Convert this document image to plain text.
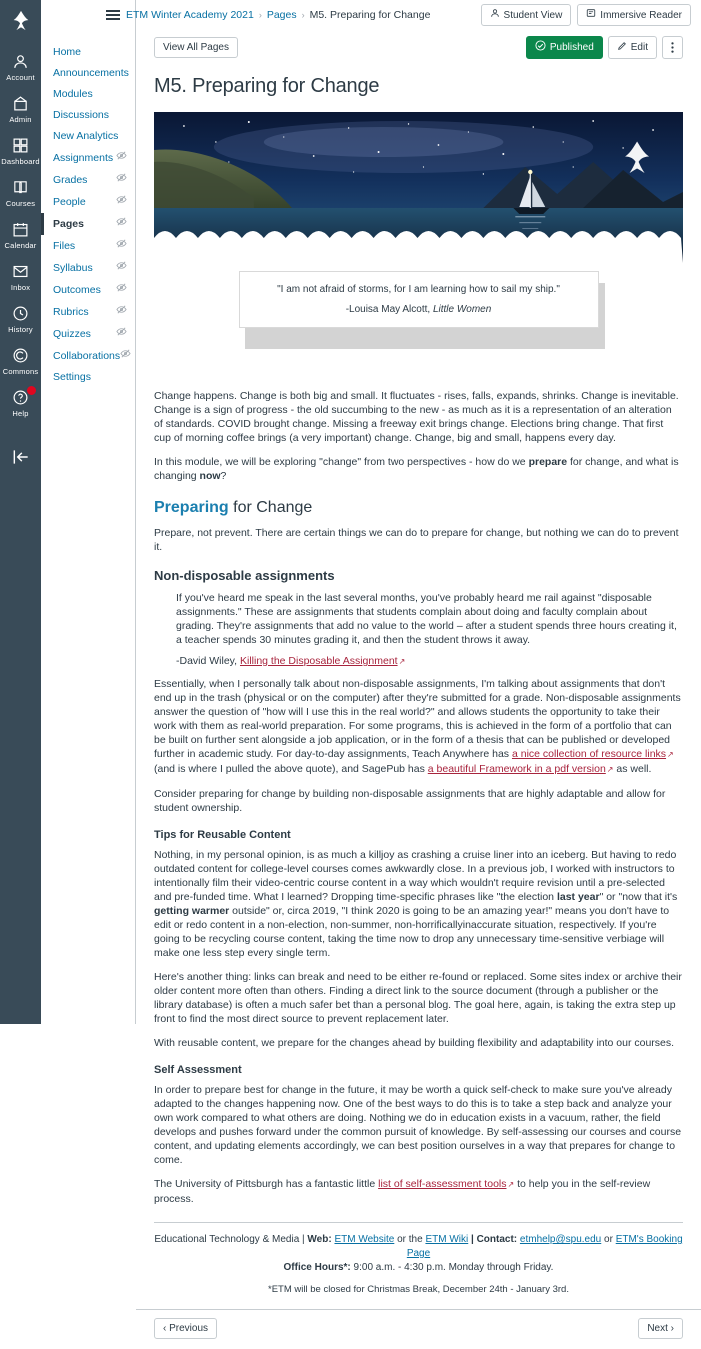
Account
Admin
Dashboard
Courses
Calendar
Inbox
History
Commons
Help
Home
Announcements
Modules
Discussions
New Analytics
Assignments
Grades
People
Pages
Files
Syllabus
Outcomes
Rubrics
Quizzes
Collaborations
Settings
ETM Winter Academy 2021 › Pages › M5. Preparing for Change	Student View	Immersive Reader
View All Pages	Published	Edit
M5. Preparing for Change
"I am not afraid of storms, for I am learning how to sail my ship."
-Louisa May Alcott, Little Women

Change happens. Change is both big and small. It fluctuates - rises, falls, expands, shrinks. Change is inevitable. Change is a sign of progress - the old succumbing to the new - as much as it is a representation of an alteration of standards. COVID brought change. Missing a freeway exit brings change. Elections bring change. That first cup of morning coffee brings (a very important) change. Change, big and small, happens every day.

In this module, we will be exploring "change" from two perspectives - how do we prepare for change, and what is changing now?

Preparing for Change

Prepare, not prevent. There are certain things we can do to prepare for change, but nothing we can do to prevent it.

Non-disposable assignments
If you've heard me speak in the last several months, you've probably heard me rail against "disposable assignments." These are assignments that students complain about doing and faculty complain about grading. They're assignments that add no value to the world – after a student spends three hours creating it, a teacher spends 30 minutes grading it, and then the student throws it away.
-David Wiley, Killing the Disposable Assignment ↗

Essentially, when I personally talk about non-disposable assignments, I'm talking about assignments that don't end up in the trash (physical or on the computer) after they're submitted for a grade. Non-disposable assignments answer the question of "how will I use this in the real world?" and allows students the opportunity to take their work with them as real-world preparation. For some programs, this is achieved in the form of a portfolio that can be built on further sent alongside a job application, or in the form of a thesis that can be published or developed further in academic study. For day-to-day assignments, Teach Anywhere has a nice collection of resource links ↗ (and is where I pulled the above quote), and SagePub has a beautiful Framework in a pdf version ↗ as well.

Consider preparing for change by building non-disposable assignments that are highly adaptable and allow for student ownership.

Tips for Reusable Content

Nothing, in my personal opinion, is as much a killjoy as crashing a cruise liner into an iceberg. But having to redo outdated content for college-level courses comes awkwardly close. In a previous job, I worked with instructors to intentionally film their video-centric course content in a way which wouldn't require revision until a pre-selected and pre-funded time. What I learned? Dropping time-specific phrases like "the election last year" or "now that it's getting warmer outside" or, circa 2019, "I think 2020 is going to be an amazing year!" means you don't have to edit or redo content in a non-election, non-summer, non-horrificallyinaccurate situation, respectively. If you're going to be recycling course content, taking the time now to drop any unnecessary time-sensitive verbiage will make one less step every single term.

Here's another thing: links can break and need to be either re-found or replaced. Some sites index or archive their older content more often than others. Finding a direct link to the source document (through a publisher or the library database) is often a much safer bet than a personal blog. The goal here, again, is taking the extra step up front to find the most direct source to prevent replacement later.

With reusable content, we prepare for the changes ahead by building flexibility and adaptability into our courses.

Self Assessment

In order to prepare best for change in the future, it may be worth a quick self-check to make sure you've already adapted to the changes happening now. One of the best ways to do this is to take a step back and analyze your own work compared to what others are doing. Nothing we do in education exists in a vacuum, rather, the field develops and pushes forward under the common pursuit of knowledge. By self-assessing our courses and course content, and updating elements accordingly, we can best position ourselves in a way that prepares for change to come.

The University of Pittsburgh has a fantastic little list of self-assessment tools ↗ to help you in the self-review process.

Educational Technology & Media | Web: ETM Website or the ETM Wiki | Contact: etmhelp@spu.edu or ETM's Booking Page
Office Hours*: 9:00 a.m. - 4:30 p.m. Monday through Friday.
*ETM will be closed for Christmas Break, December 24th - January 3rd.
‹ Previous	Next ›
